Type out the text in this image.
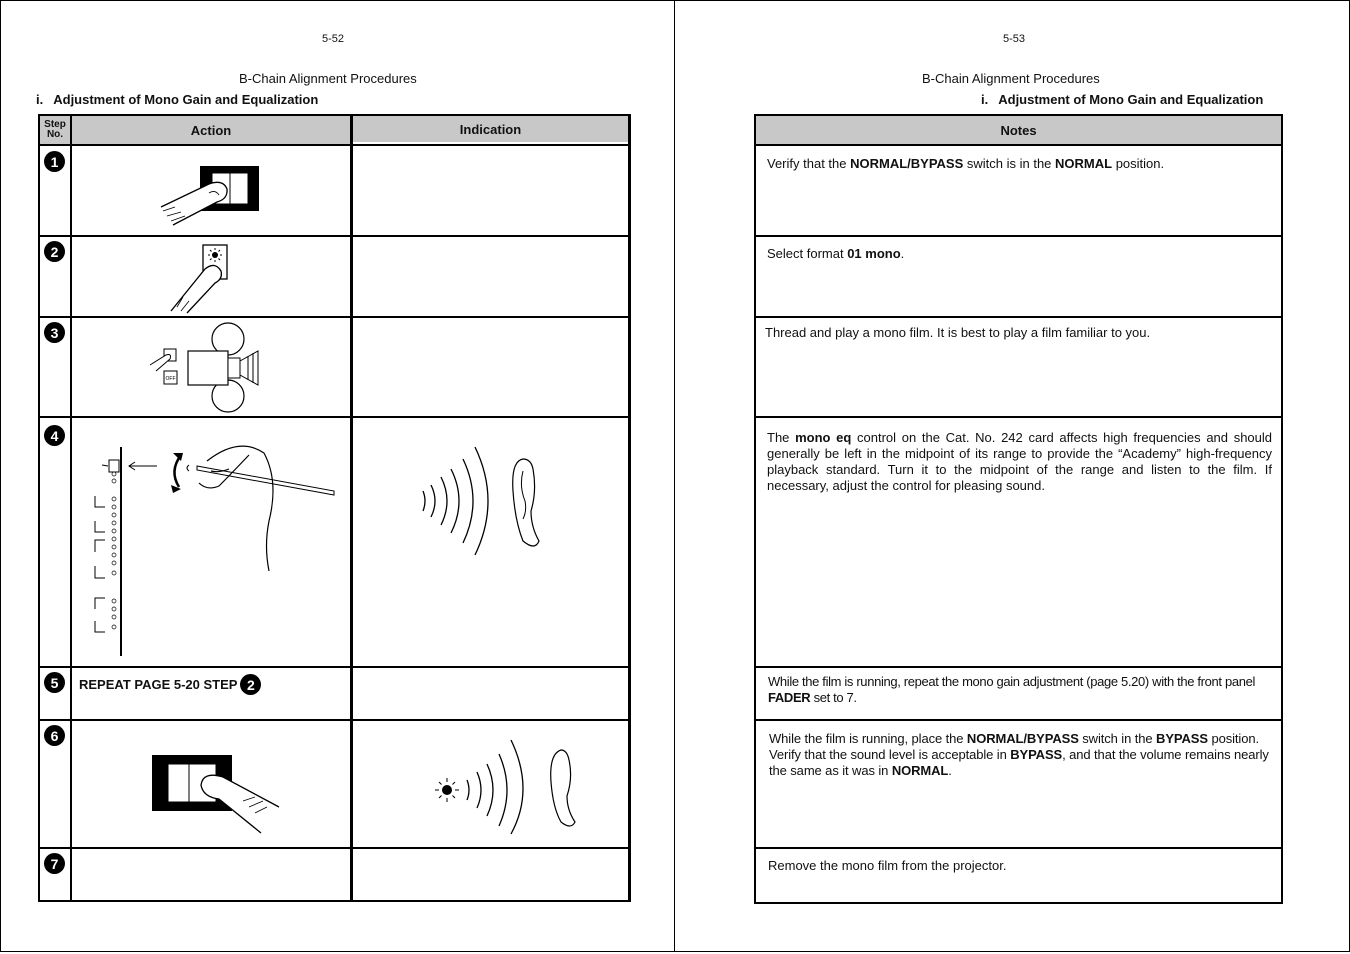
5-52
B-Chain Alignment Procedures
i. Adjustment of Mono Gain and Equalization
Step No.	Action	Indication
1
2
3
4
5
6
7
OFF
REPEAT PAGE 5-20 STEP 2
5-53
B-Chain Alignment Procedures
i. Adjustment of Mono Gain and Equalization
Notes
Verify that the NORMAL/BYPASS switch is in the NORMAL position.
Select format 01 mono.
Thread and play a mono film. It is best to play a film familiar to you.
The mono eq control on the Cat. No. 242 card affects high frequencies and should generally be left in the midpoint of its range to provide the “Academy” high-frequency playback standard. Turn it to the midpoint of the range and listen to the film. If necessary, adjust the control for pleasing sound.
While the film is running, repeat the mono gain adjustment (page 5.20) with the front panel FADER set to 7.
While the film is running, place the NORMAL/BYPASS switch in the BYPASS position. Verify that the sound level is acceptable in BYPASS, and that the volume remains nearly the same as it was in NORMAL.
Remove the mono film from the projector.
